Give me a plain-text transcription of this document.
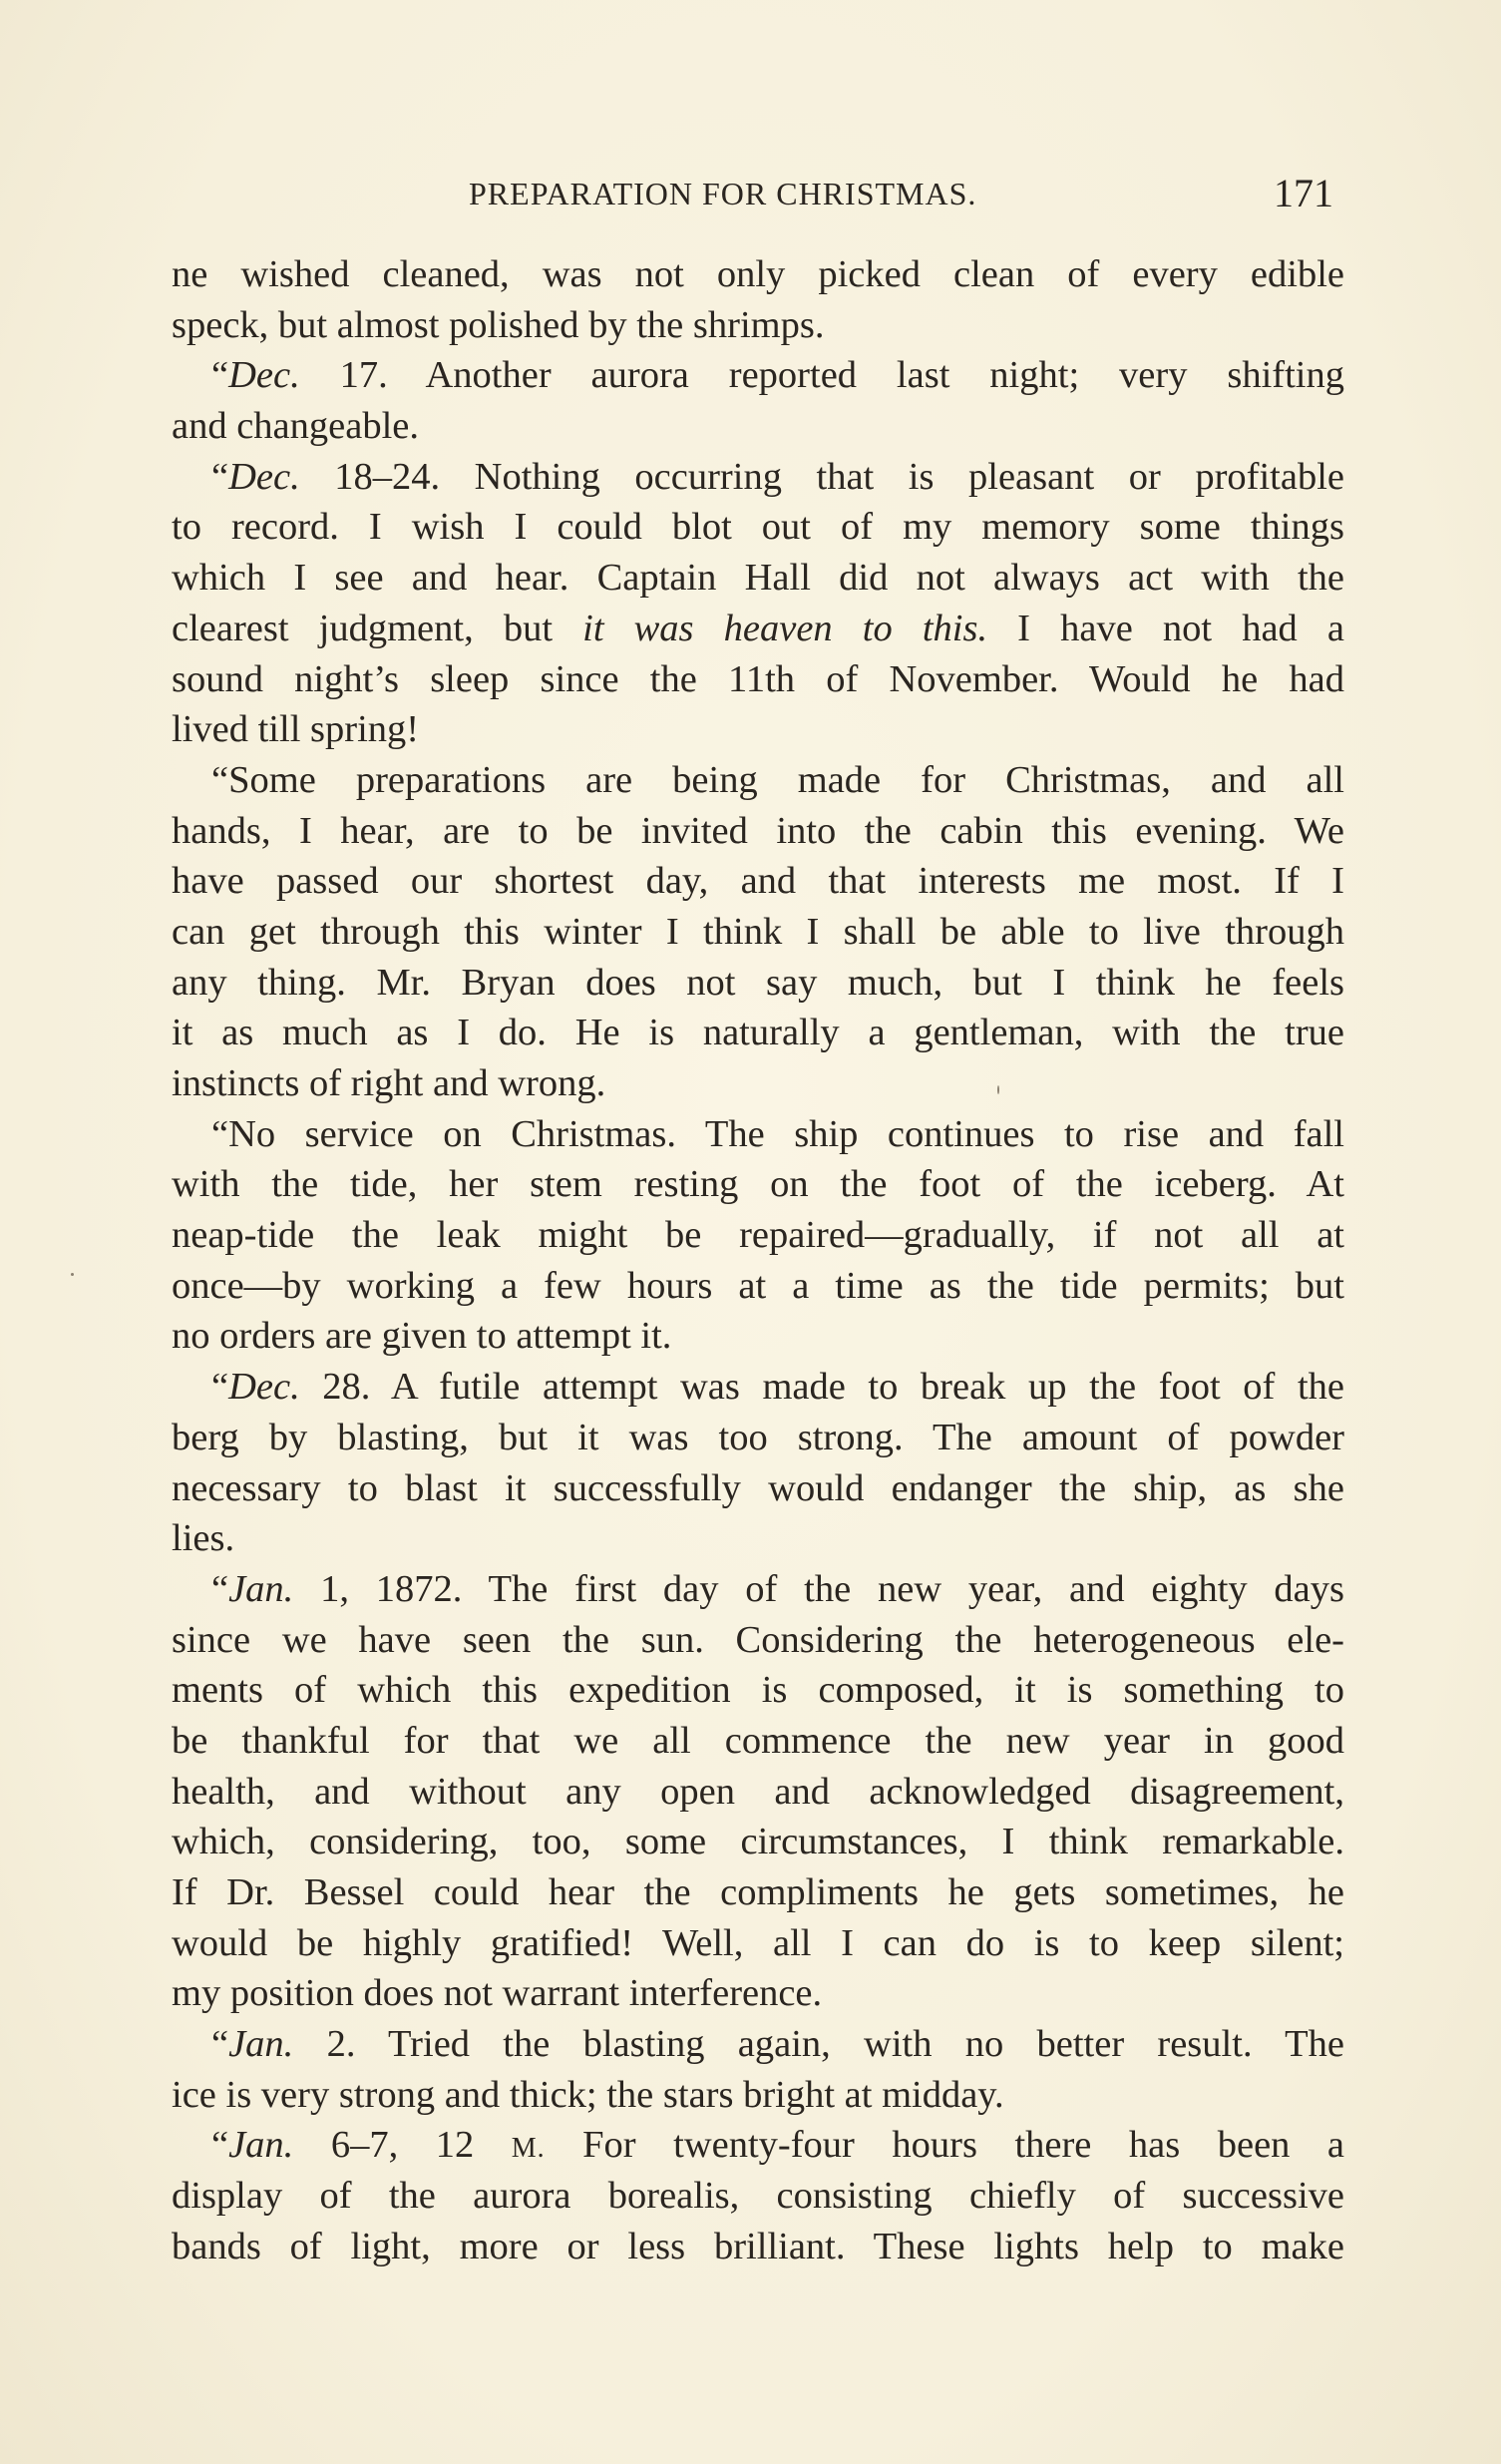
PREPARATION FOR CHRISTMAS.	171
ne wished cleaned, was not only picked clean of every edible
speck, but almost polished by the shrimps.
“Dec. 17. Another aurora reported last night; very shifting
and changeable.
“Dec. 18–24. Nothing occurring that is pleasant or profitable
to record. I wish I could blot out of my memory some things
which I see and hear. Captain Hall did not always act with the
clearest judgment, but it was heaven to this. I have not had a
sound night’s sleep since the 11th of November. Would he had
lived till spring!
“Some preparations are being made for Christmas, and all
hands, I hear, are to be invited into the cabin this evening. We
have passed our shortest day, and that interests me most. If I
can get through this winter I think I shall be able to live through
any thing. Mr. Bryan does not say much, but I think he feels
it as much as I do. He is naturally a gentleman, with the true
instincts of right and wrong.
“No service on Christmas. The ship continues to rise and fall
with the tide, her stem resting on the foot of the iceberg. At
neap-tide the leak might be repaired—gradually, if not all at
once—by working a few hours at a time as the tide permits; but
no orders are given to attempt it.
“Dec. 28. A futile attempt was made to break up the foot of the
berg by blasting, but it was too strong. The amount of powder
necessary to blast it successfully would endanger the ship, as she
lies.
“Jan. 1, 1872. The first day of the new year, and eighty days
since we have seen the sun. Considering the heterogeneous ele-
ments of which this expedition is composed, it is something to
be thankful for that we all commence the new year in good
health, and without any open and acknowledged disagreement,
which, considering, too, some circumstances, I think remarkable.
If Dr. Bessel could hear the compliments he gets sometimes, he
would be highly gratified! Well, all I can do is to keep silent;
my position does not warrant interference.
“Jan. 2. Tried the blasting again, with no better result. The
ice is very strong and thick; the stars bright at midday.
“Jan. 6–7, 12 M. For twenty-four hours there has been a
display of the aurora borealis, consisting chiefly of successive
bands of light, more or less brilliant. These lights help to make
